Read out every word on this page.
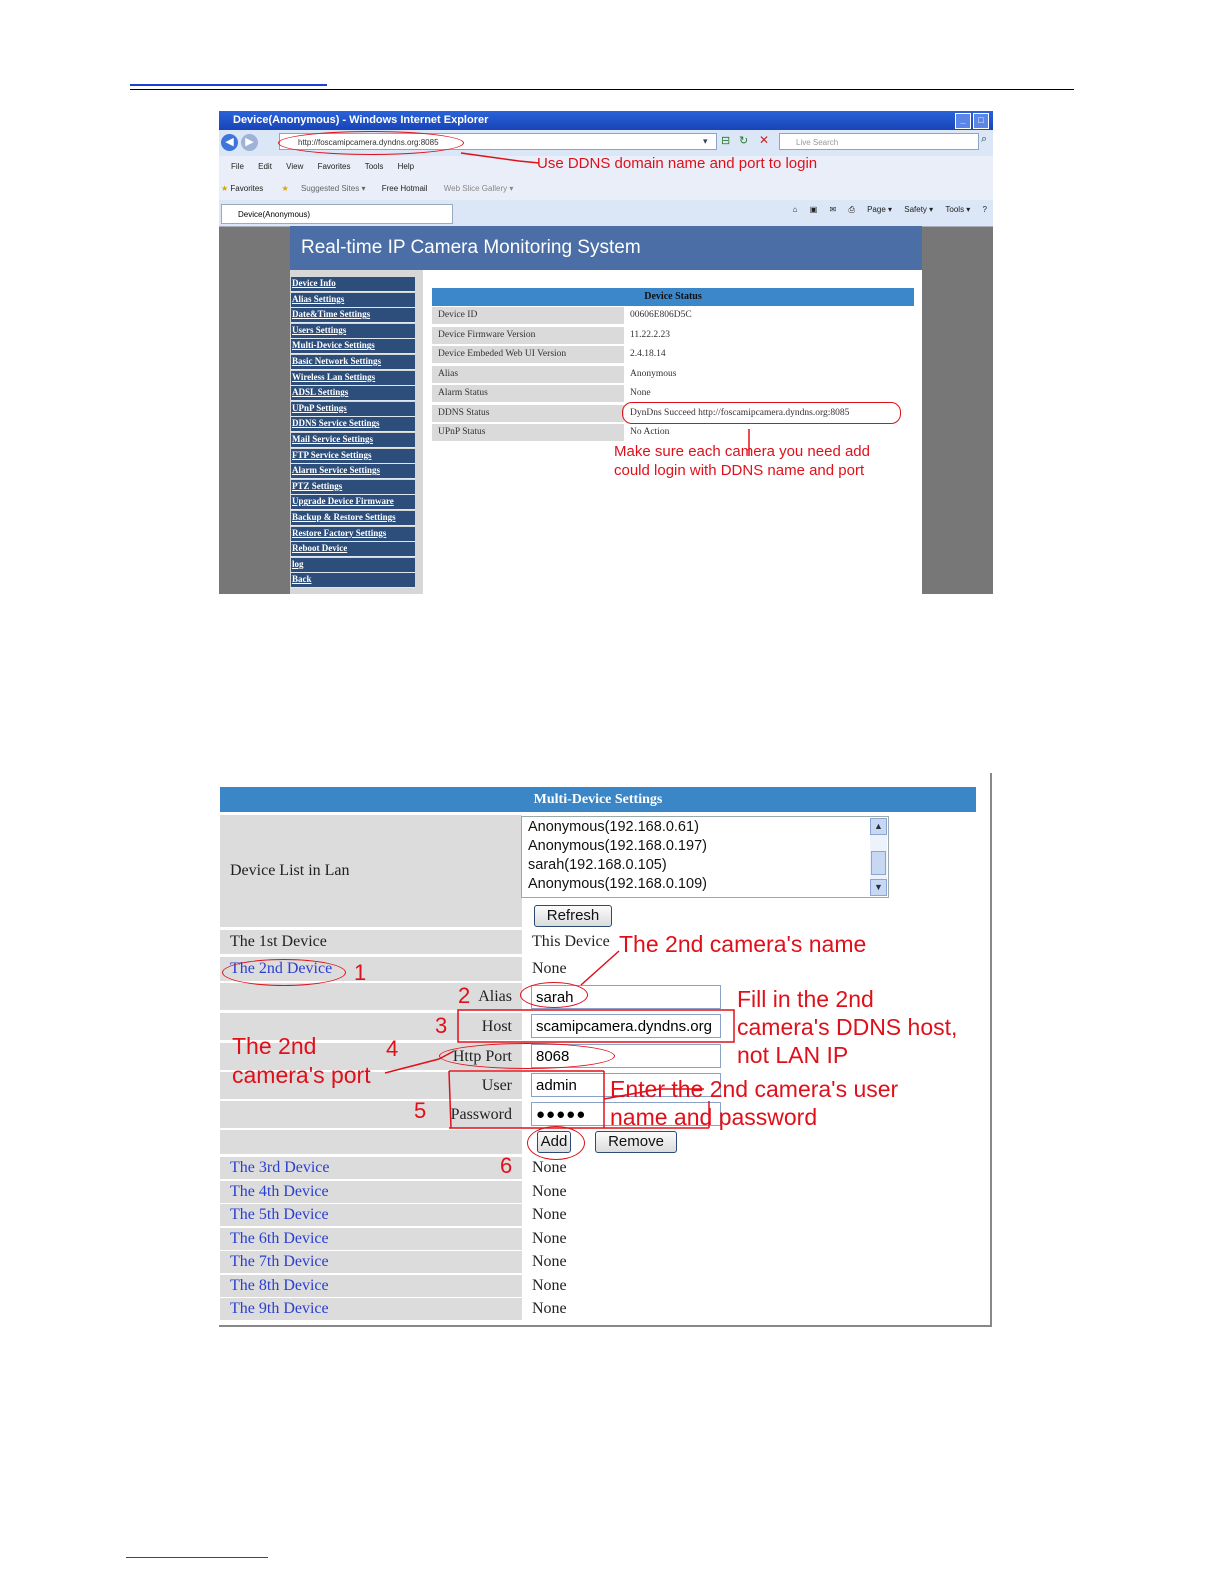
Device(Anonymous) - Windows Internet Explorer	_	□
◀	▶	http://foscamipcamera.dyndns.org:8085	▾ ⊟ ↻ ✕	Live Search	⌕
File Edit View Favorites Tools Help
★ Favorites ★ Suggested Sites ▾ Free Hotmail Web Slice Gallery ▾
Device(Anonymous)
⌂ ▣ ✉ ⎙ Page ▾ Safety ▾ Tools ▾ ?
Real-time IP Camera Monitoring System
Device Info
Alias Settings
Date&Time Settings
Users Settings
Multi-Device Settings
Basic Network Settings
Wireless Lan Settings
ADSL Settings
UPnP Settings
DDNS Service Settings
Mail Service Settings
FTP Service Settings
Alarm Service Settings
PTZ Settings
Upgrade Device Firmware
Backup & Restore Settings
Restore Factory Settings
Reboot Device
log
Back
Device Status
Device ID	00606E806D5C
Device Firmware Version	11.22.2.23
Device Embeded Web UI Version	2.4.18.14
Alias	Anonymous
Alarm Status	None
DDNS Status	DynDns Succeed http://foscamipcamera.dyndns.org:8085
UPnP Status	No Action
Use DDNS domain name and port to login
Make sure each camera you need add
could login with DDNS name and port
Multi-Device Settings
Device List in Lan
Anonymous(192.168.0.61)
Anonymous(192.168.0.197)
sarah(192.168.0.105)
Anonymous(192.168.0.109)
▲
▼
Refresh
The 1st Device	This Device
The 2nd Device	None
Alias	sarah
Host	scamipcamera.dyndns.org
Http Port	8068
User	admin
Password	●●●●●
Add	Remove
The 3rd Device	None
The 4th Device	None
The 5th Device	None
The 6th Device	None
The 7th Device	None
The 8th Device	None
The 9th Device	None
The 2nd camera's name
Fill in the 2nd
camera's DDNS host,
not LAN IP
The 2nd
camera's port
Enter the 2nd camera's user
name and password
1
2
3
4
5
6
